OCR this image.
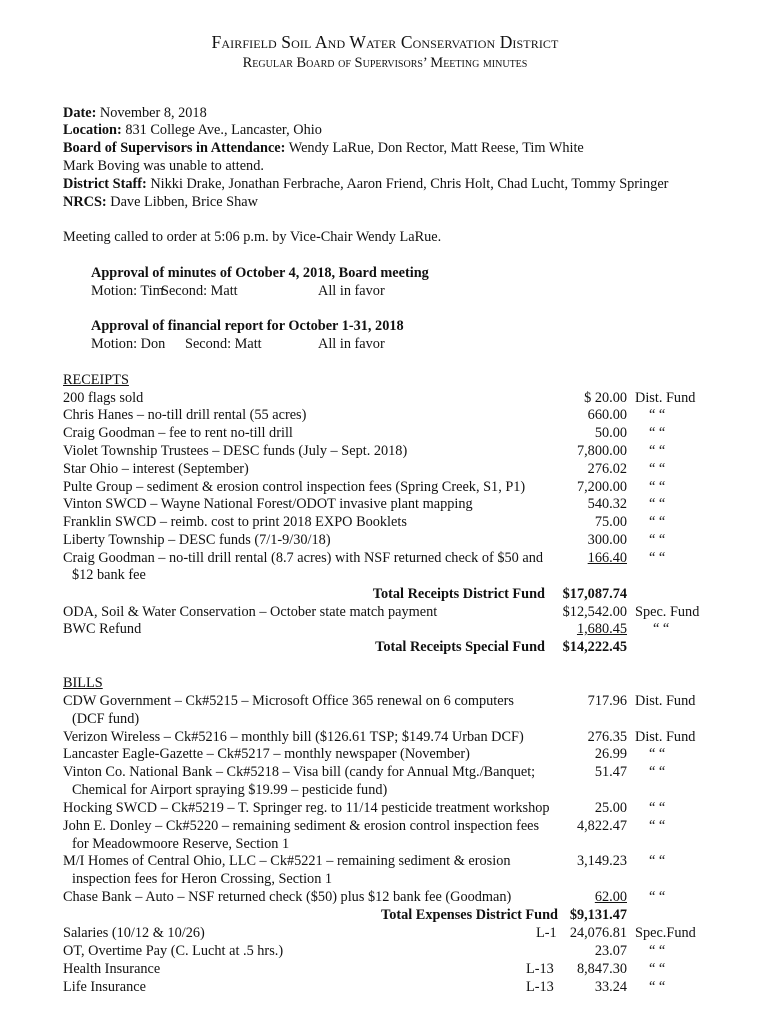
Fairfield Soil And Water Conservation District
Regular Board of Supervisors’ Meeting minutes
Date: November 8, 2018
Location: 831 College Ave., Lancaster, Ohio
Board of Supervisors in Attendance: Wendy LaRue, Don Rector, Matt Reese, Tim White
Mark Boving was unable to attend.
District Staff: Nikki Drake, Jonathan Ferbrache, Aaron Friend, Chris Holt, Chad Lucht, Tommy Springer
NRCS: Dave Libben, Brice Shaw
Meeting called to order at 5:06 p.m. by Vice-Chair Wendy LaRue.
Approval of minutes of October 4, 2018, Board meeting
Motion: Tim
Second: Matt	All in favor
Approval of financial report for October 1-31, 2018
Motion: Don Second: Matt	All in favor
RECEIPTS
200 flags sold	$ 20.00 Dist. Fund
Chris Hanes – no-till drill rental (55 acres)	660.00 “ “
Craig Goodman – fee to rent no-till drill	50.00 “ “
Violet Township Trustees – DESC funds (July – Sept. 2018)	7,800.00 “ “
Star Ohio – interest (September)	276.02 “ “
Pulte Group – sediment & erosion control inspection fees (Spring Creek, S1, P1)	7,200.00 “ “
Vinton SWCD – Wayne National Forest/ODOT invasive plant mapping	540.32 “ “
Franklin SWCD – reimb. cost to print 2018 EXPO Booklets	75.00 “ “
Liberty Township – DESC funds (7/1-9/30/18)	300.00 “ “
Craig Goodman – no-till drill rental (8.7 acres) with NSF returned check of $50 and	166.40 “ “
$12 bank fee
Total Receipts District Fund $17,087.74
ODA, Soil & Water Conservation – October state match payment	$12,542.00 Spec. Fund
BWC Refund	1,680.45 “ “
Total Receipts Special Fund $14,222.45
BILLS
CDW Government – Ck#5215 – Microsoft Office 365 renewal on 6 computers	717.96 Dist. Fund
(DCF fund)
Verizon Wireless – Ck#5216 – monthly bill ($126.61 TSP; $149.74 Urban DCF)	276.35 Dist. Fund
Lancaster Eagle-Gazette – Ck#5217 – monthly newspaper (November)	26.99 “ “
Vinton Co. National Bank – Ck#5218 – Visa bill (candy for Annual Mtg./Banquet;	51.47 “ “
Chemical for Airport spraying $19.99 – pesticide fund)
Hocking SWCD – Ck#5219 – T. Springer reg. to 11/14 pesticide treatment workshop	25.00 “ “
John E. Donley – Ck#5220 – remaining sediment & erosion control inspection fees	4,822.47 “ “
for Meadowmoore Reserve, Section 1
M/I Homes of Central Ohio, LLC – Ck#5221 – remaining sediment & erosion	3,149.23 “ “
inspection fees for Heron Crossing, Section 1
Chase Bank – Auto – NSF returned check ($50) plus $12 bank fee (Goodman)	62.00 “ “
Total Expenses District Fund $9,131.47
Salaries (10/12 & 10/26)	L-1 24,076.81 Spec.Fund
OT, Overtime Pay (C. Lucht at .5 hrs.)	23.07 “ “
Health Insurance	L-13 8,847.30 “ “
Life Insurance	L-13	33.24 “ “
